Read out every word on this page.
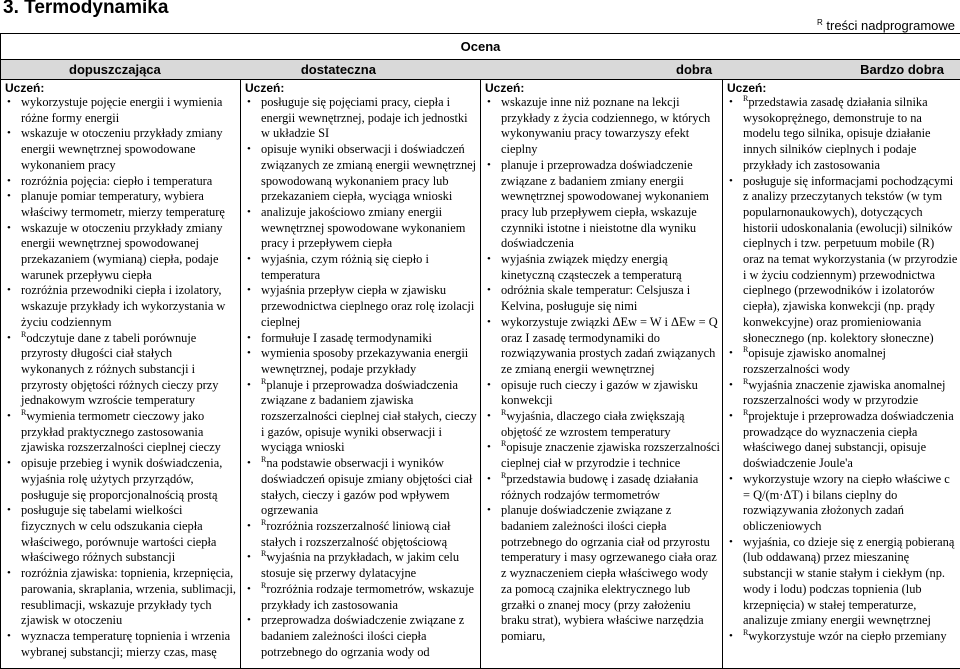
3. Termodynamika
$^R$ treści nadprogramowe
Ocena

dopuszczająca	dostateczna	dobra	Bardzo dobra

Uczeń:
• wykorzystuje pojęcie energii i wymienia różne formy energii
• wskazuje w otoczeniu przykłady zmiany energii wewnętrznej spowodowane wykonaniem pracy
• rozróżnia pojęcia: ciepło i temperatura
• planuje pomiar temperatury, wybiera właściwy termometr, mierzy temperaturę
• wskazuje w otoczeniu przykłady zmiany energii wewnętrznej spowodowanej przekazaniem (wymianą) ciepła, podaje warunek przepływu ciepła
• rozróżnia przewodniki ciepła i izolatory, wskazuje przykłady ich wykorzystania w życiu codziennym
• $^R$odczytuje dane z tabeli porównuje przyrosty długości ciał stałych wykonanych z różnych substancji i przyrosty objętości różnych cieczy przy jednakowym wzroście temperatury
• $^R$wymienia termometr cieczowy jako przykład praktycznego zastosowania zjawiska rozszerzalności cieplnej cieczy
• opisuje przebieg i wynik doświadczenia, wyjaśnia rolę użytych przyrządów, posługuje się proporcjonalnością prostą
• posługuje się tabelami wielkości fizycznych w celu odszukania ciepła właściwego, porównuje wartości ciepła właściwego różnych substancji
• rozróżnia zjawiska: topnienia, krzepnięcia, parowania, skraplania, wrzenia, sublimacji, resublimacji, wskazuje przykłady tych zjawisk w otoczeniu
• wyznacza temperaturę topnienia i wrzenia wybranej substancji; mierzy czas, masę

Uczeń:
• posługuje się pojęciami pracy, ciepła i energii wewnętrznej, podaje ich jednostki w układzie SI
• opisuje wyniki obserwacji i doświadczeń związanych ze zmianą energii wewnętrznej spowodowaną wykonaniem pracy lub przekazaniem ciepła, wyciąga wnioski
• analizuje jakościowo zmiany energii wewnętrznej spowodowane wykonaniem pracy i przepływem ciepła
• wyjaśnia, czym różnią się ciepło i temperatura
• wyjaśnia przepływ ciepła w zjawisku przewodnictwa cieplnego oraz rolę izolacji cieplnej
• formułuje I zasadę termodynamiki
• wymienia sposoby przekazywania energii wewnętrznej, podaje przykłady
• $^R$planuje i przeprowadza doświadczenia związane z badaniem zjawiska rozszerzalności cieplnej ciał stałych, cieczy i gazów, opisuje wyniki obserwacji i wyciąga wnioski
• $^R$na podstawie obserwacji i wyników doświadczeń opisuje zmiany objętości ciał stałych, cieczy i gazów pod wpływem ogrzewania
• $^R$rozróżnia rozszerzalność liniową ciał stałych i rozszerzalność objętościową
• $^R$wyjaśnia na przykładach, w jakim celu stosuje się przerwy dylatacyjne
• $^R$rozróżnia rodzaje termometrów, wskazuje przykłady ich zastosowania
• przeprowadza doświadczenie związane z badaniem zależności ilości ciepła potrzebnego do ogrzania wody od

Uczeń:
• wskazuje inne niż poznane na lekcji przykłady z życia codziennego, w których wykonywaniu pracy towarzyszy efekt cieplny
• planuje i przeprowadza doświadczenie związane z badaniem zmiany energii wewnętrznej spowodowanej wykonaniem pracy lub przepływem ciepła, wskazuje czynniki istotne i nieistotne dla wyniku doświadczenia
• wyjaśnia związek między energią kinetyczną cząsteczek a temperaturą
• odróżnia skale temperatur: Celsjusza i Kelvina, posługuje się nimi
• wykorzystuje związki ΔEw = W i ΔEw = Q oraz I zasadę termodynamiki do rozwiązywania prostych zadań związanych ze zmianą energii wewnętrznej
• opisuje ruch cieczy i gazów w zjawisku konwekcji
• $^R$wyjaśnia, dlaczego ciała zwiększają objętość ze wzrostem temperatury
• $^R$opisuje znaczenie zjawiska rozszerzalności cieplnej ciał w przyrodzie i technice
• $^R$przedstawia budowę i zasadę działania różnych rodzajów termometrów
• planuje doświadczenie związane z badaniem zależności ilości ciepła potrzebnego do ogrzania ciał od przyrostu temperatury i masy ogrzewanego ciała oraz z wyznaczeniem ciepła właściwego wody za pomocą czajnika elektrycznego lub grzałki o znanej mocy (przy założeniu braku strat), wybiera właściwe narzędzia pomiaru,

Uczeń:
• $^R$przedstawia zasadę działania silnika wysokoprężnego, demonstruje to na modelu tego silnika, opisuje działanie innych silników cieplnych i podaje przykłady ich zastosowania
• posługuje się informacjami pochodzącymi z analizy przeczytanych tekstów (w tym popularnonaukowych), dotyczących historii udoskonalania (ewolucji) silników cieplnych i tzw. perpetuum mobile (R) oraz na temat wykorzystania (w przyrodzie i w życiu codziennym) przewodnictwa cieplnego (przewodników i izolatorów ciepła), zjawiska konwekcji (np. prądy konwekcyjne) oraz promieniowania słonecznego (np. kolektory słoneczne)
• $^R$opisuje zjawisko anomalnej rozszerzalności wody
• $^R$wyjaśnia znaczenie zjawiska anomalnej rozszerzalności wody w przyrodzie
• $^R$projektuje i przeprowadza doświadczenia prowadzące do wyznaczenia ciepła właściwego danej substancji, opisuje doświadczenie Joule'a
• wykorzystuje wzory na ciepło właściwe c = Q/(m·ΔT) i bilans cieplny do rozwiązywania złożonych zadań obliczeniowych
• wyjaśnia, co dzieje się z energią pobieraną (lub oddawaną) przez mieszaninę substancji w stanie stałym i ciekłym (np. wody i lodu) podczas topnienia (lub krzepnięcia) w stałej temperaturze, analizuje zmiany energii wewnętrznej
• $^R$wykorzystuje wzór na ciepło przemiany
